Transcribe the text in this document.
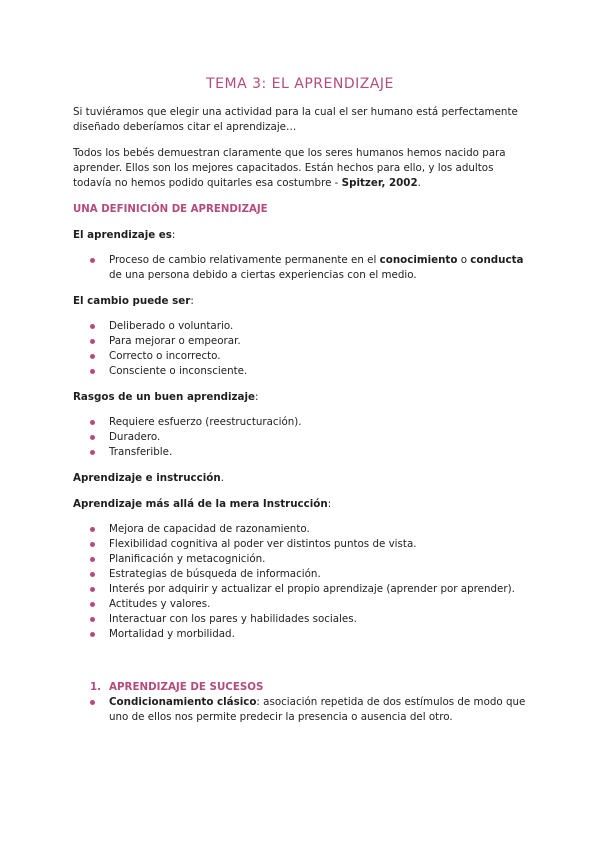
TEMA 3: EL APRENDIZAJE

Si tuviéramos que elegir una actividad para la cual el ser humano está perfectamente diseñado deberíamos citar el aprendizaje…

Todos los bebés demuestran claramente que los seres humanos hemos nacido para aprender. Ellos son los mejores capacitados. Están hechos para ello, y los adultos todavía no hemos podido quitarles esa costumbre - Spitzer, 2002.

UNA DEFINICIÓN DE APRENDIZAJE
El aprendizaje es:
Proceso de cambio relativamente permanente en el conocimiento o conducta de una persona debido a ciertas experiencias con el medio.
El cambio puede ser:
Deliberado o voluntario.
Para mejorar o empeorar.
Correcto o incorrecto.
Consciente o inconsciente.
Rasgos de un buen aprendizaje:
Requiere esfuerzo (reestructuración).
Duradero.
Transferible.
Aprendizaje e instrucción.
Aprendizaje más allá de la mera Instrucción:
Mejora de capacidad de razonamiento.
Flexibilidad cognitiva al poder ver distintos puntos de vista.
Planificación y metacognición.
Estrategias de búsqueda de información.
Interés por adquirir y actualizar el propio aprendizaje (aprender por aprender).
Actitudes y valores.
Interactuar con los pares y habilidades sociales.
Mortalidad y morbilidad.
1. APRENDIZAJE DE SUCESOS
Condicionamiento clásico: asociación repetida de dos estímulos de modo que uno de ellos nos permite predecir la presencia o ausencia del otro.
